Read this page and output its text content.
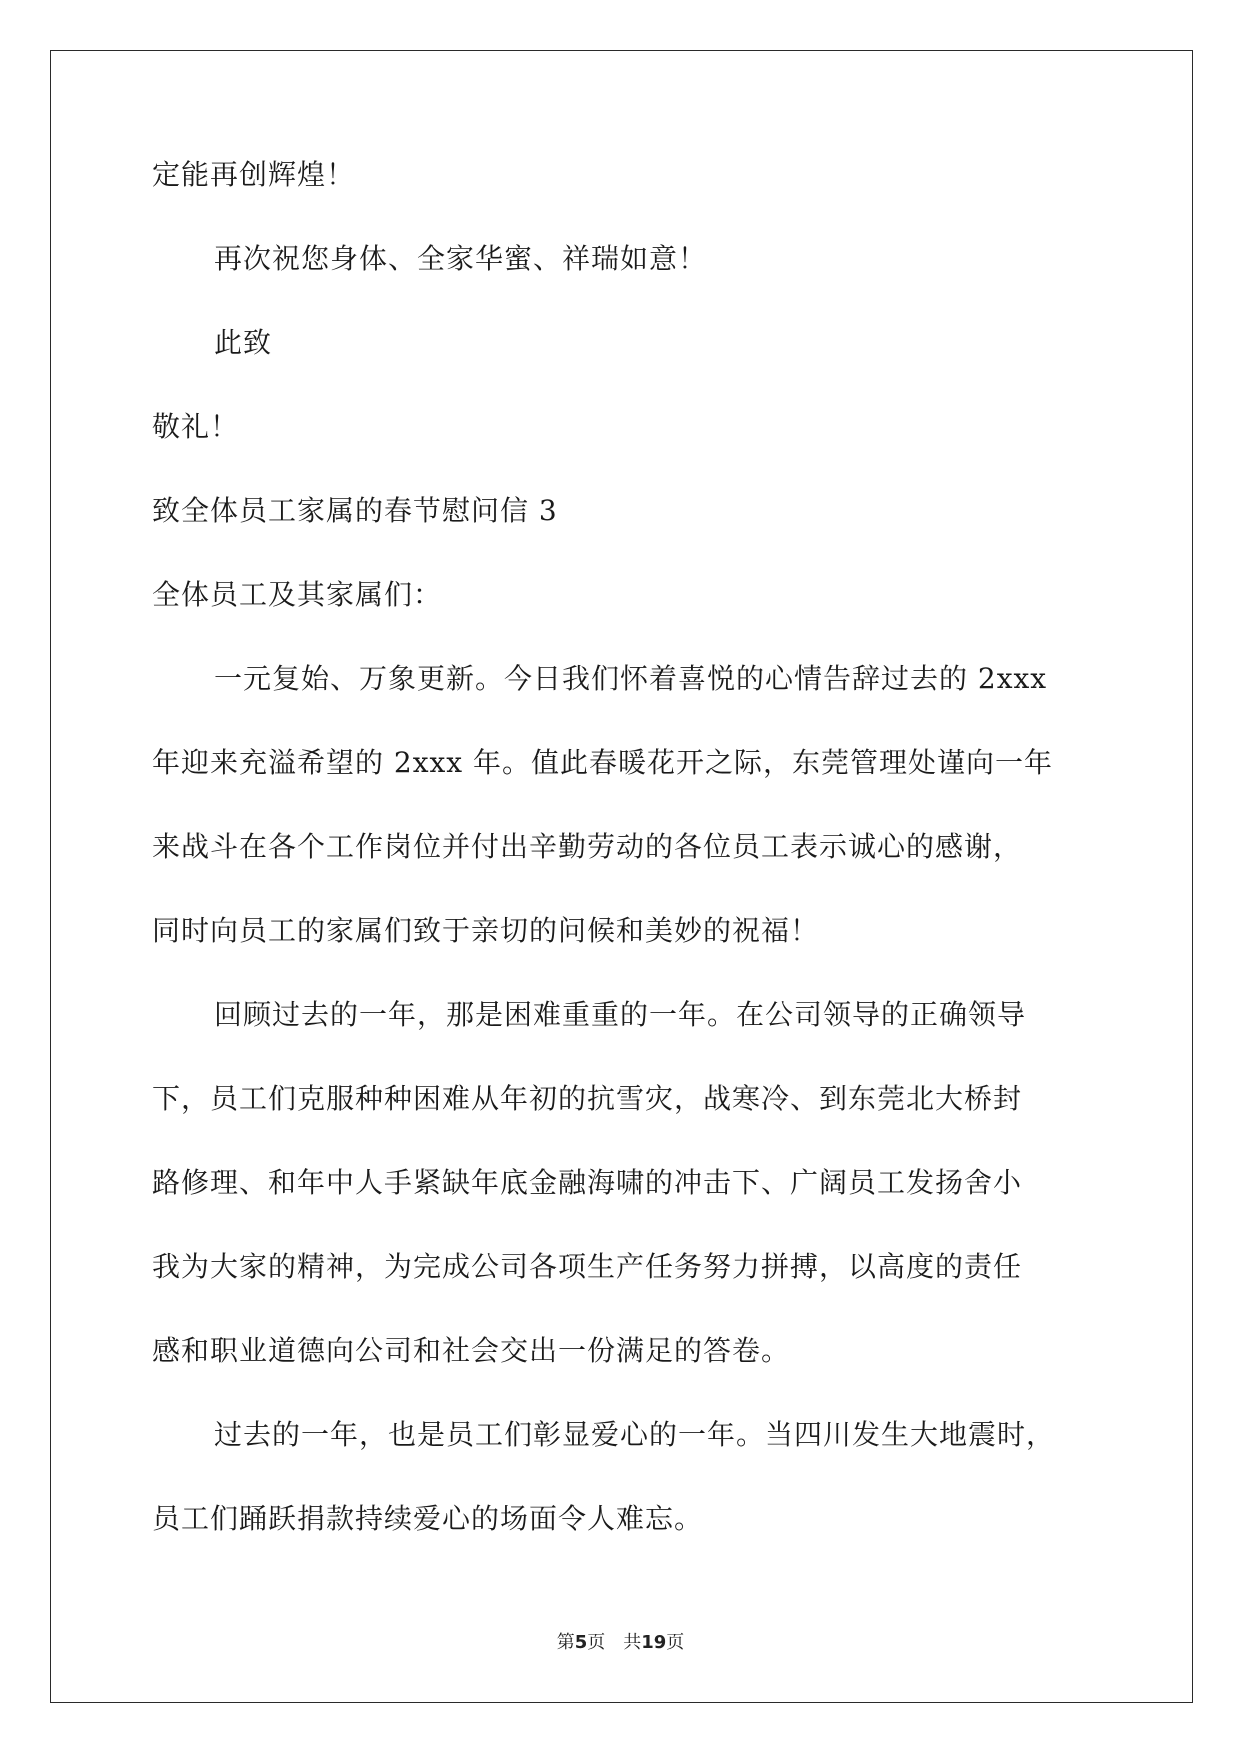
定能再创辉煌！
再次祝您身体、全家华蜜、祥瑞如意！
此致
敬礼！
致全体员工家属的春节慰问信 3
全体员工及其家属们：
一元复始、万象更新。今日我们怀着喜悦的心情告辞过去的 2xxx
年迎来充溢希望的 2xxx 年。值此春暖花开之际，东莞管理处谨向一年
来战斗在各个工作岗位并付出辛勤劳动的各位员工表示诚心的感谢，
同时向员工的家属们致于亲切的问候和美妙的祝福！
回顾过去的一年，那是困难重重的一年。在公司领导的正确领导
下，员工们克服种种困难从年初的抗雪灾，战寒冷、到东莞北大桥封
路修理、和年中人手紧缺年底金融海啸的冲击下、广阔员工发扬舍小
我为大家的精神，为完成公司各项生产任务努力拼搏，以高度的责任
感和职业道德向公司和社会交出一份满足的答卷。
过去的一年，也是员工们彰显爱心的一年。当四川发生大地震时，
员工们踊跃捐款持续爱心的场面令人难忘。
第5页　共19页
